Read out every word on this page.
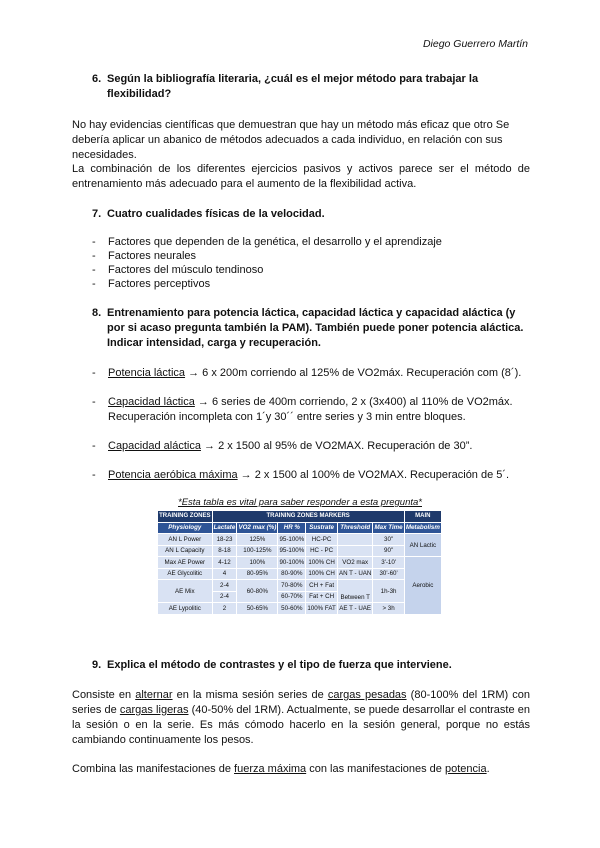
Diego Guerrero Martín
6. Según la bibliografía literaria, ¿cuál es el mejor método para trabajar la flexibilidad?
No hay evidencias científicas que demuestran que hay un método más eficaz que otro Se debería aplicar un abanico de métodos adecuados a cada individuo, en relación con sus necesidades.
La combinación de los diferentes ejercicios pasivos y activos parece ser el método de entrenamiento más adecuado para el aumento de la flexibilidad activa.
7. Cuatro cualidades físicas de la velocidad.
-	Factores que dependen de la genética, el desarrollo y el aprendizaje
-	Factores neurales
-	Factores del músculo tendinoso
-	Factores perceptivos
8. Entrenamiento para potencia láctica, capacidad láctica y capacidad aláctica (y por si acaso pregunta también la PAM). También puede poner potencia aláctica. Indicar intensidad, carga y recuperación.
-	Potencia láctica → 6 x 200m corriendo al 125% de VO2máx. Recuperación com (8´).
-	Capacidad láctica → 6 series de 400m corriendo, 2 x (3x400) al 110% de VO2máx. Recuperación incompleta con 1´y 30´´ entre series y 3 min entre bloques.
-	Capacidad aláctica → 2 x 1500 al 95% de VO2MAX. Recuperación de 30”.
-	Potencia aeróbica máxima → 2 x 1500 al 100% de VO2MAX. Recuperación de 5´.
*Esta tabla es vital para saber responder a esta pregunta*
TRAINING ZONES	TRAINING ZONES MARKERS						MAIN
Physiology	Lactate	VO2 max (%)	HR %	Sustrate	Threshold	Max Time	Metabolism
AN L Power	18-23	125%	95-100%	HC-PC		30"	AN Lactic
AN L Capacity	8-18	100-125%	95-100%	HC - PC		90"	
Max AE Power	4-12	100%	90-100%	100% CH	VO2 max	3'-10'	Aerobic
AE Glycolitic	4	80-95%	80-90%	100% CH	AN T - UAN	30'-60'	
AE Mix	2-4	60-80%	70-80%	CH + Fat	Between T	1h-3h	
	2-4		60-70%	Fat + CH			
AE Lypolitic	2	50-65%	50-60%	100% FAT	AE T - UAE	> 3h	
9. Explica el método de contrastes y el tipo de fuerza que interviene.
Consiste en alternar en la misma sesión series de cargas pesadas (80-100% del 1RM) con series de cargas ligeras (40-50% del 1RM). Actualmente, se puede desarrollar el contraste en la sesión o en la serie. Es más cómodo hacerlo en la sesión general, porque no estás cambiando continuamente los pesos.
Combina las manifestaciones de fuerza máxima con las manifestaciones de potencia.
